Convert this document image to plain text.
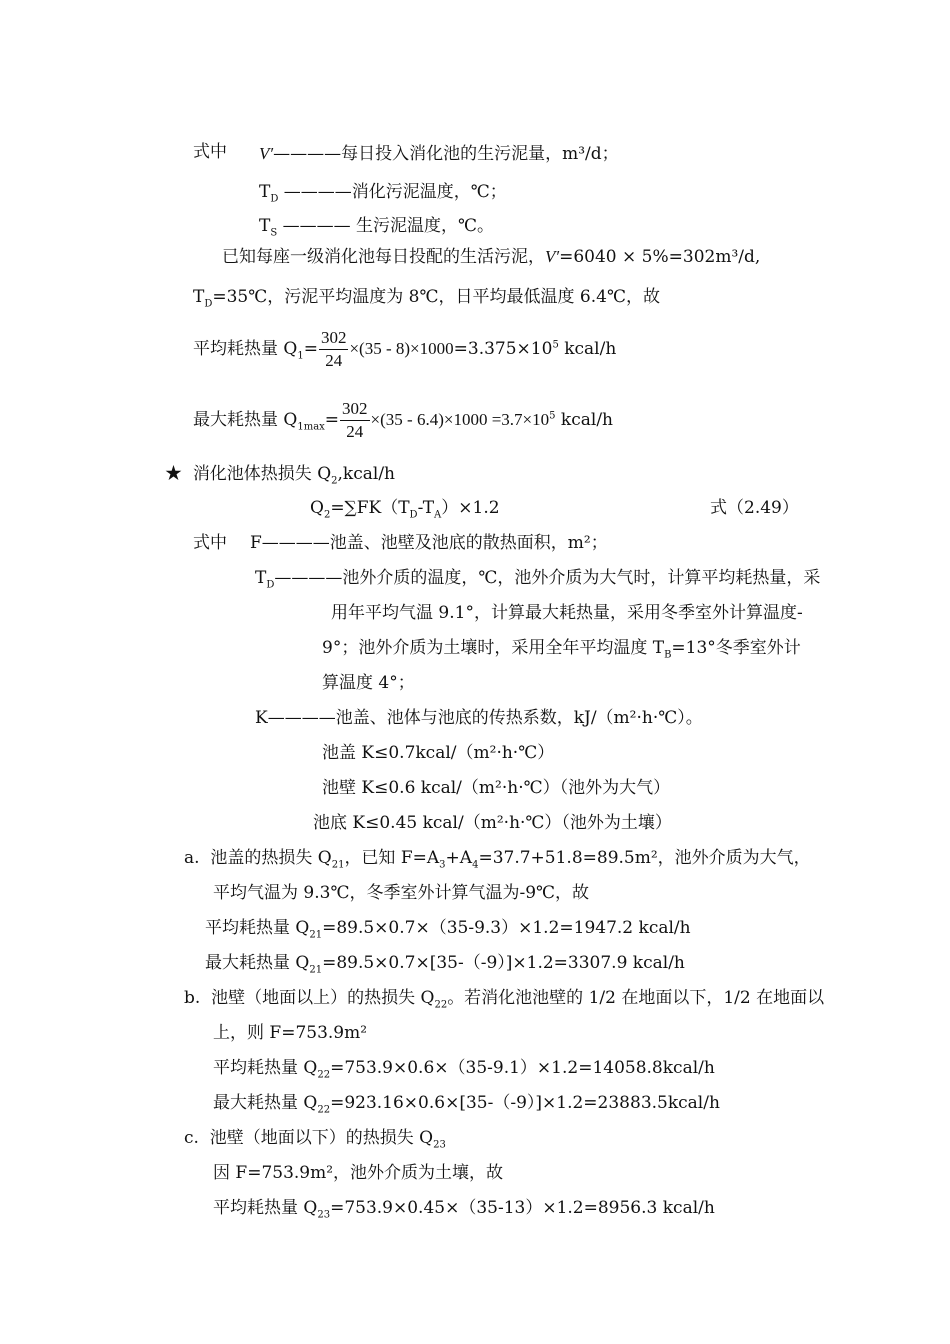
式中 V′————每日投入消化池的生污泥量，m³/d；
$T_D$ ————消化污泥温度，℃；
$T_S$ ———— 生污泥温度，℃。
已知每座一级消化池每日投配的生活污泥，V′=6040 × 5%=302m³/d,
$T_D=35℃$，污泥平均温度为 8℃，日平均最低温度 6.4℃，故
平均耗热量 $Q_1= \frac{302}{24} \times(35 - 8)\times 1000=3.375\times 10^5$ kcal/h
最大耗热量 $Q_{1max}= \frac{302}{24} \times(35 - 6.4)\times 1000 =3.7\times 10^5$ kcal/h
★ 消化池体热损失 $Q_2,kcal/h$
$Q_2=\sum FK(T_D-T_A)\times 1.2$	式（2.49）
式中 F————池盖、池壁及池底的散热面积，m²；
$T_D————$池外介质的温度，℃，池外介质为大气时，计算平均耗热量，采
用年平均气温 9.1°，计算最大耗热量，采用冬季室外计算温度-
9°；池外介质为土壤时，采用全年平均温度 $T_B=13^\circ$冬季室外计
算温度 4°；
K————池盖、池体与池底的传热系数，kJ/（m²·h·℃）。
池盖 K≤0.7kcal/（m²·h·℃）
池壁 K≤0.6 kcal/（m²·h·℃）（池外为大气）
池底 K≤0.45 kcal/（m²·h·℃）（池外为土壤）
a. 池盖的热损失 $Q_{21}$，已知 $F=A_3+A_4=37.7+51.8=89.5m^2$，池外介质为大气，
平均气温为 9.3℃，冬季室外计算气温为-9℃，故
平均耗热量 $Q_{21}=89.5\times 0.7\times(35-9.3)\times 1.2=1947.2$ kcal/h
最大耗热量 $Q_{21}=89.5\times 0.7\times[35-(-9)]\times 1.2=3307.9$ kcal/h
b. 池壁（地面以上）的热损失 $Q_{22}$。若消化池池壁的 1/2 在地面以下，1/2 在地面以
上，则 F=753.9m²
平均耗热量 $Q_{22}=753.9\times 0.6\times(35-9.1)\times 1.2=14058.8kcal/h$
最大耗热量 $Q_{22}=923.16\times 0.6\times[35-(-9)]\times 1.2=23883.5kcal/h$
c. 池壁（地面以下）的热损失 $Q_{23}$
因 F=753.9m²，池外介质为土壤，故
平均耗热量 $Q_{23}=753.9\times 0.45\times(35-13)\times 1.2=8956.3$ kcal/h
